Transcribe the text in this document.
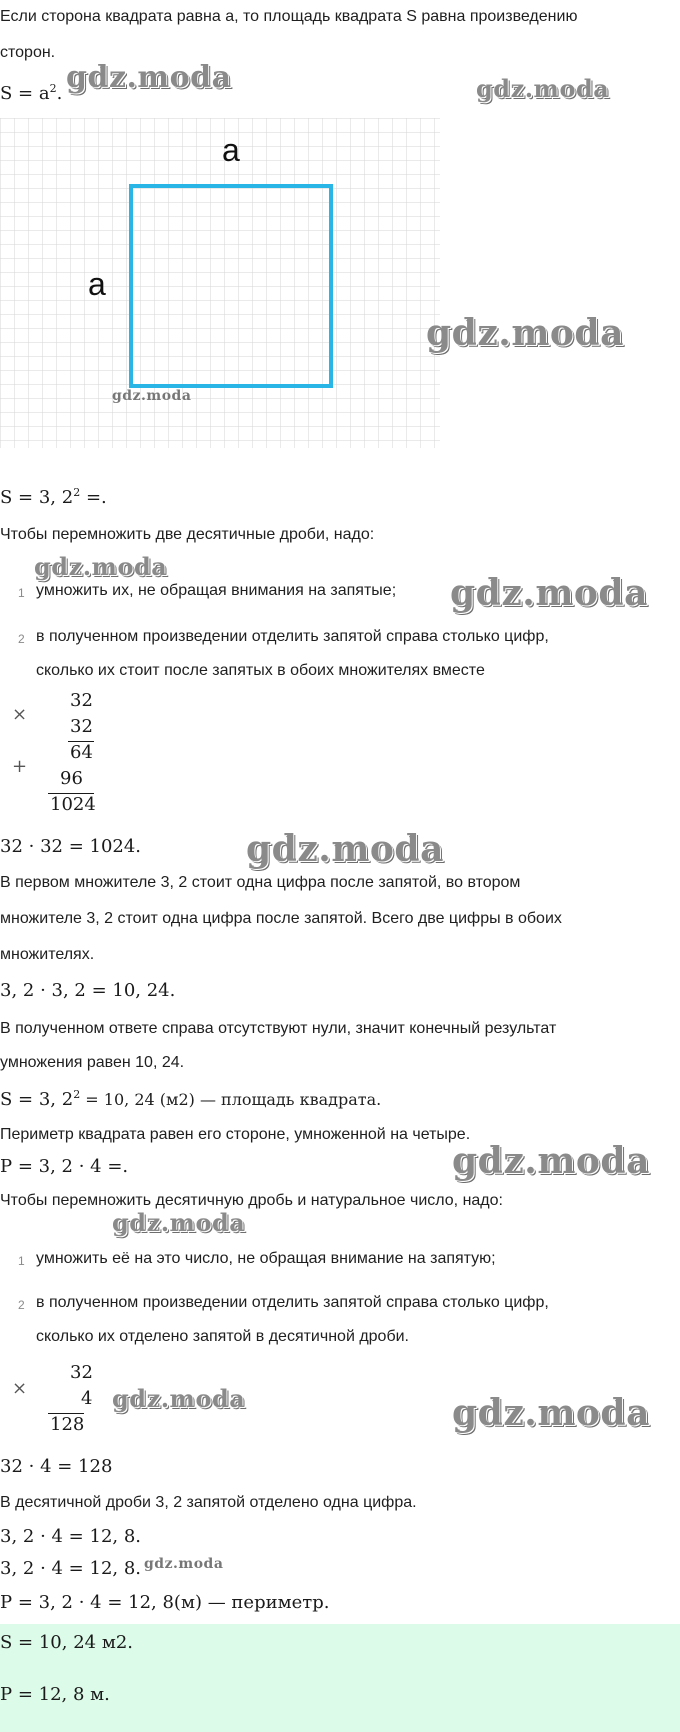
Если сторона квадрата равна a, то площадь квадрата S равна произведению
сторон.
$S = a^2$.
a
a
S = 3, $2^2$ =.
Чтобы перемножить две десятичные дроби, надо:
1 умножить их, не обращая внимания на запятые;
2 в полученном произведении отделить запятой справа столько цифр,
сколько их стоит после запятых в обоих множителях вместе
×
32
32
64
+
96
1024
32 · 32 = 1024.
В первом множителе 3, 2 стоит одна цифра после запятой, во втором
множителе 3, 2 стоит одна цифра после запятой. Всего две цифры в обоих
множителях.
3, 2 · 3, 2 = 10, 24.
В полученном ответе справа отсутствуют нули, значит конечный результат
умножения равен 10, 24.
S = 3, $2^2 = 10$, 24 (м2) — площадь квадрата.
Периметр квадрата равен его стороне, умноженной на четыре.
P = 3, 2 · 4 =.
Чтобы перемножить десятичную дробь и натуральное число, надо:
1 умножить её на это число, не обращая внимание на запятую;
2 в полученном произведении отделить запятой справа столько цифр,
сколько их отделено запятой в десятичной дроби.
×
32
4
128
32 · 4 = 128
В десятичной дроби 3, 2 запятой отделено одна цифра.
3, 2 · 4 = 12, 8.
3, 2 · 4 = 12, 8.
P = 3, 2 · 4 = 12, 8(м) — периметр.
S = 10, 24 м2.
P = 12, 8 м.
gdz.moda	gdz.moda
gdz.moda
gdz.moda
gdz.moda
gdz.moda
gdz.moda
gdz.moda
gdz.moda
gdz.moda	gdz.moda
gdz.moda
